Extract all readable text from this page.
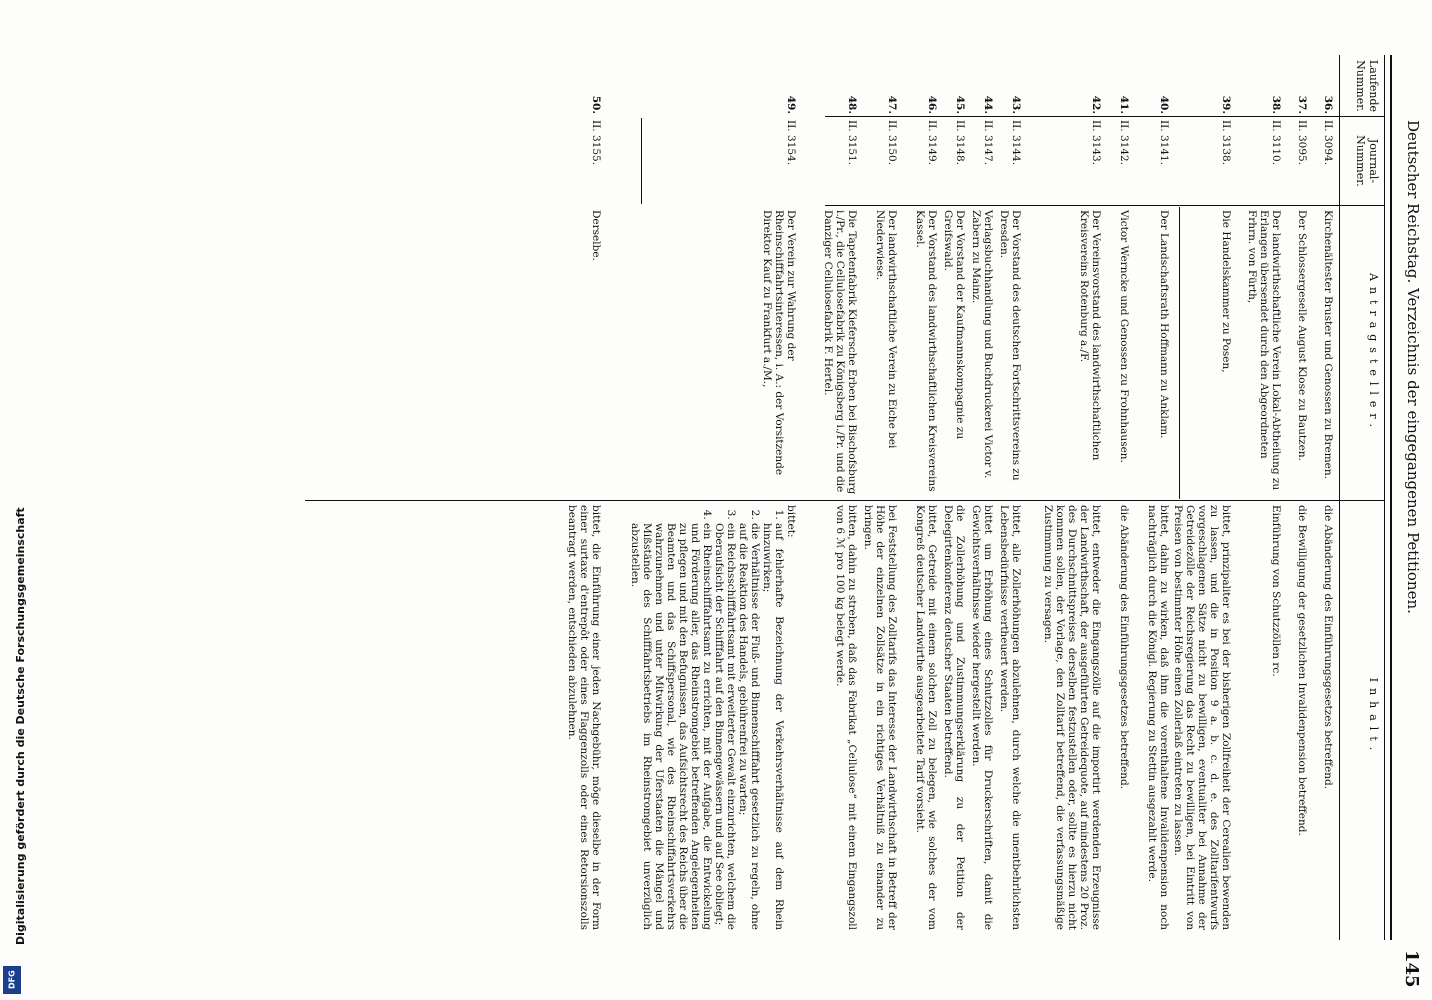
Deutscher Reichstag. Verzeichnis der eingegangenen Petitionen.
145
Laufende Nummer.
Journal-Nummer.
Antragsteller.
Inhalt.
36.
II. 3094.
Kirchenältester Bruster und Genossen zu Bremen.
die Abänderung des Einführungsgesetzes betreffend.
37.
II. 3095.
Der Schlossergeselle August Klose zu Bautzen.
die Bewilligung der gesetzlichen Invalidenpension betreffend.
38.
II. 3110.
Der landwirthschaftliche Verein Lokal-Abtheilung zu Erlangen übersendet durch den Abgeordneten Frhrn. von Fürth,
Einführung von Schutzzöllen rc.
39.
II. 3138.
Die Handelskammer zu Posen,
bittet, prinzipaliter es bei der bisherigen Zollfreiheit der Cerealien bewenden zu lassen, und die in Position 9 a. b. c. d. e. des Zolltarifentwurfs vorgeschlagenen Sätze nicht zu bewilligen, eventualiter bei Annahme der Getreidezölle der Reichsregierung das Recht zu bewilligen, bei Eintritt von Preisen von bestimmter Höhe einen Zollerlaß eintreten zu lassen.
40.
II. 3141.
Der Landschaftsrath Hoffmann zu Anklam.
bittet, dahin zu wirken, daß ihm die vorenthaltene Invalidenpension noch nachträglich durch die Königl. Regierung zu Stettin ausgezahlt werde.
41.
II. 3142.
Victor Werncke und Genossen zu Frohnhausen.
die Abänderung des Einführungsgesetzes betreffend.
42.
II. 3143.
Der Vereinsvorstand des landwirthschaftlichen Kreisvereins Rotenburg a./F.
bittet, entweder die Eingangszölle auf die importirt werdenden Erzeugnisse der Landwirthschaft, der ausgeführten Getreidequote, auf mindestens 20 Proz. des Durchschnittspreises derselben festzustellen oder, sollte es hierzu nicht kommen sollen, der Vorlage, den Zolltarif betreffend, die verfassungsmäßige Zustimmung zu versagen.
43.
II. 3144.
Der Vorstand des deutschen Fortschrittsvereins zu Dresden.
bittet, alle Zollerhöhungen abzulehnen, durch welche die unentbehrlichsten Lebensbedürfnisse vertheuert werden.
44.
II. 3147.
Verlagsbuchhandlung und Buchdruckerei Victor v. Zabern zu Mainz.
bittet um Erhöhung eines Schutzzolles für Druckerschriften, damit die Gewichtsverhältnisse wieder hergestellt werden.
45.
II. 3148.
Der Vorstand der Kaufmannskompagnie zu Greifswald.
die Zollerhöhung und Zustimmungserklärung zu der Petition der Delegirtenkonferenz deutscher Staaten betreffend.
46.
II. 3149.
Der Vorstand des landwirthschaftlichen Kreisvereins Kassel.
bittet, Getreide mit einem solchen Zoll zu belegen, wie solches der vom Kongreß deutscher Landwirthe ausgearbeitete Tarif vorsieht.
47.
II. 3150.
Der landwirthschaftliche Verein zu Eiche bei Niederwiese.
bei Feststellung des Zolltarifs das Interesse der Landwirthschaft in Betreff der Höhe der einzelnen Zollsätze in ein richtiges Verhältniß zu einander zu bringen.
48.
II. 3151.
Die Tapetenfabrik Kiefersche Erben bei Bischofsburg i./Pr., die Cellulosefabrik zu Königsberg i./Pr. und die Danziger Cellulosefabrik F. Hertel.
bitten, dahin zu streben, daß das Fabrikat „Cellulose“ mit einem Eingangszoll von 6 ℳ pro 100 kg belegt werde.
49.
II. 3154.
Der Verein zur Wahrung der Rheinschifffahrtsinteressen, i. A.: der Vorsitzende Direktor Kauf zu Frankfurt a./M.,
bittet:
1. auf fehlerhafte Bezeichnung der Verkehrsverhältnisse auf dem Rhein hinzuwirken;
2. die Verhältnisse der Fluß- und Binnenschifffahrt gesetzlich zu regeln, ohne auf die Reaktion des Handels, gebührenfrei zu warten;
3. ein Reichsschifffahrtsamt mit erweiterter Gewalt einzurichten, welchem die Oberaufsicht der Schifffahrt auf den Binnengewässern und auf See obliegt;
4. ein Rheinschifffahrtsamt zu errichten, mit der Aufgabe, die Entwickelung und Förderung aller, das Rheinstromgebiet betreffenden Angelegenheiten zu pflegen und mit den Befugnissen, das Aufsichtsrecht des Reichs über die Beamten und das Schiffspersonal, wie des Rheinschiffahrtsverkehrs wahrzunehmen und unter Mitwirkung der Uferstaaten die Mängel und Mißstände des Schifffahrtsbetriebs im Rheinstromgebiet unverzüglich abzustellen.
50.
II. 3155.
Derselbe.
bittet, die Einführung einer jeden Nachgebühr, möge dieselbe in der Form einer surtaxe d'entrepôt oder eines Flaggenzolls oder eines Retorsionszolls beantragt werden, entschieden abzulehnen.
Digitalisierung gefördert durch die Deutsche Forschungsgemeinschaft
DFG
